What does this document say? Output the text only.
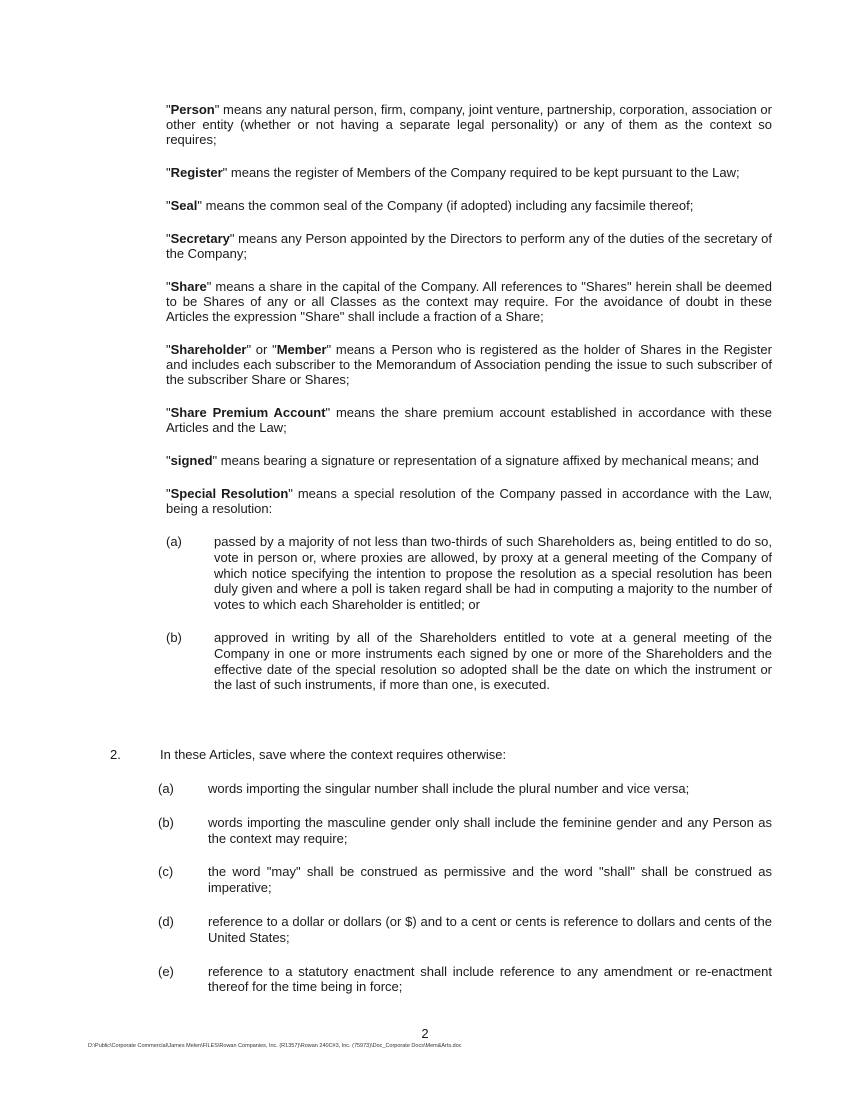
"Person" means any natural person, firm, company, joint venture, partnership, corporation, association or other entity (whether or not having a separate legal personality) or any of them as the context so requires;

"Register" means the register of Members of the Company required to be kept pursuant to the Law;

"Seal" means the common seal of the Company (if adopted) including any facsimile thereof;

"Secretary" means any Person appointed by the Directors to perform any of the duties of the secretary of the Company;

"Share" means a share in the capital of the Company. All references to "Shares" herein shall be deemed to be Shares of any or all Classes as the context may require. For the avoidance of doubt in these Articles the expression "Share" shall include a fraction of a Share;

"Shareholder" or "Member" means a Person who is registered as the holder of Shares in the Register and includes each subscriber to the Memorandum of Association pending the issue to such subscriber of the subscriber Share or Shares;

"Share Premium Account" means the share premium account established in accordance with these Articles and the Law;

"signed" means bearing a signature or representation of a signature affixed by mechanical means; and

"Special Resolution" means a special resolution of the Company passed in accordance with the Law, being a resolution:

(a) passed by a majority of not less than two-thirds of such Shareholders as, being entitled to do so, vote in person or, where proxies are allowed, by proxy at a general meeting of the Company of which notice specifying the intention to propose the resolution as a special resolution has been duly given and where a poll is taken regard shall be had in computing a majority to the number of votes to which each Shareholder is entitled; or
(b) approved in writing by all of the Shareholders entitled to vote at a general meeting of the Company in one or more instruments each signed by one or more of the Shareholders and the effective date of the special resolution so adopted shall be the date on which the instrument or the last of such instruments, if more than one, is executed.
2.	In these Articles, save where the context requires otherwise:
(a)	words importing the singular number shall include the plural number and vice versa;
(b)	words importing the masculine gender only shall include the feminine gender and any Person as the context may require;
(c)	the word "may" shall be construed as permissive and the word "shall" shall be construed as imperative;
(d)	reference to a dollar or dollars (or $) and to a cent or cents is reference to dollars and cents of the United States;
(e)	reference to a statutory enactment shall include reference to any amendment or re-enactment thereof for the time being in force;
2
D:\Public\Corporate Commercial\James Melen\FILES\Rowan Companies, Inc. (R1357)\Rowan 240C#3, Inc. (75973)\Doc_Corporate Docs\Mem&Arts.doc
